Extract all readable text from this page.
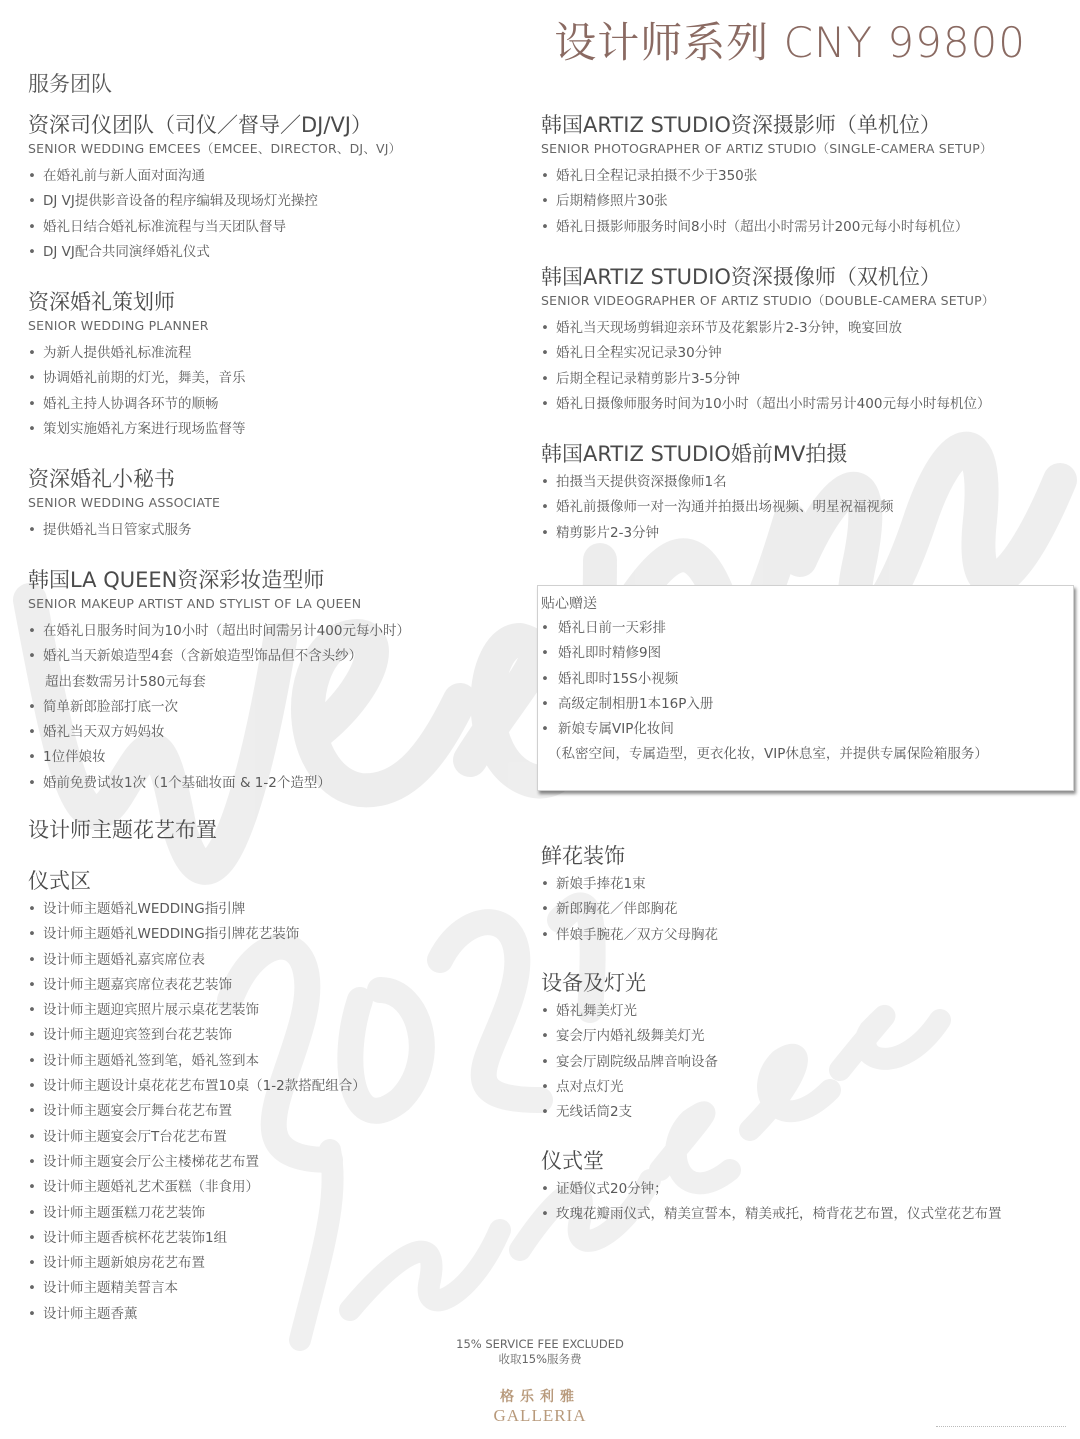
设计师系列 CNY 99800
服务团队
资深司仪团队（司仪／督导／DJ/VJ）
SENIOR WEDDING EMCEES（EMCEE、DIRECTOR、DJ、VJ）
• 在婚礼前与新人面对面沟通
• DJ VJ提供影音设备的程序编辑及现场灯光操控
• 婚礼日结合婚礼标准流程与当天团队督导
• DJ VJ配合共同演绎婚礼仪式
资深婚礼策划师
SENIOR WEDDING PLANNER
• 为新人提供婚礼标准流程
• 协调婚礼前期的灯光，舞美，音乐
• 婚礼主持人协调各环节的顺畅
• 策划实施婚礼方案进行现场监督等
资深婚礼小秘书
SENIOR WEDDING ASSOCIATE
• 提供婚礼当日管家式服务
韩国LA QUEEN资深彩妆造型师
SENIOR MAKEUP ARTIST AND STYLIST OF LA QUEEN
• 在婚礼日服务时间为10小时（超出时间需另计400元每小时）
• 婚礼当天新娘造型4套（含新娘造型饰品但不含头纱）
超出套数需另计580元每套
• 简单新郎脸部打底一次
• 婚礼当天双方妈妈妆
• 1位伴娘妆
• 婚前免费试妆1次（1个基础妆面 & 1-2个造型）
设计师主题花艺布置
仪式区
• 设计师主题婚礼WEDDING指引牌
• 设计师主题婚礼WEDDING指引牌花艺装饰
• 设计师主题婚礼嘉宾席位表
• 设计师主题嘉宾席位表花艺装饰
• 设计师主题迎宾照片展示桌花艺装饰
• 设计师主题迎宾签到台花艺装饰
• 设计师主题婚礼签到笔，婚礼签到本
• 设计师主题设计桌花花艺布置10桌（1-2款搭配组合）
• 设计师主题宴会厅舞台花艺布置
• 设计师主题宴会厅T台花艺布置
• 设计师主题宴会厅公主楼梯花艺布置
• 设计师主题婚礼艺术蛋糕（非食用）
• 设计师主题蛋糕刀花艺装饰
• 设计师主题香槟杯花艺装饰1组
• 设计师主题新娘房花艺布置
• 设计师主题精美誓言本
• 设计师主题香薰
韩国ARTIZ STUDIO资深摄影师（单机位）
SENIOR PHOTOGRAPHER OF ARTIZ STUDIO（SINGLE-CAMERA SETUP）
• 婚礼日全程记录拍摄不少于350张
• 后期精修照片30张
• 婚礼日摄影师服务时间8小时（超出小时需另计200元每小时每机位）
韩国ARTIZ STUDIO资深摄像师（双机位）
SENIOR VIDEOGRAPHER OF ARTIZ STUDIO（DOUBLE-CAMERA SETUP）
• 婚礼当天现场剪辑迎亲环节及花絮影片2-3分钟，晚宴回放
• 婚礼日全程实况记录30分钟
• 后期全程记录精剪影片3-5分钟
• 婚礼日摄像师服务时间为10小时（超出小时需另计400元每小时每机位）
韩国ARTIZ STUDIO婚前MV拍摄
• 拍摄当天提供资深摄像师1名
• 婚礼前摄像师一对一沟通并拍摄出场视频、明星祝福视频
• 精剪影片2-3分钟
贴心赠送
• 婚礼日前一天彩排
• 婚礼即时精修9图
• 婚礼即时15S小视频
• 高级定制相册1本16P入册
• 新娘专属VIP化妆间
（私密空间，专属造型，更衣化妆，VIP休息室，并提供专属保险箱服务）
鲜花装饰
• 新娘手捧花1束
• 新郎胸花／伴郎胸花
• 伴娘手腕花／双方父母胸花
设备及灯光
• 婚礼舞美灯光
• 宴会厅内婚礼级舞美灯光
• 宴会厅剧院级品牌音响设备
• 点对点灯光
• 无线话筒2支
仪式堂
• 证婚仪式20分钟；
• 玫瑰花瓣雨仪式，精美宣誓本，精美戒托，椅背花艺布置，仪式堂花艺布置
15% SERVICE FEE EXCLUDED
收取15%服务费
格乐利雅
GALLERIA
